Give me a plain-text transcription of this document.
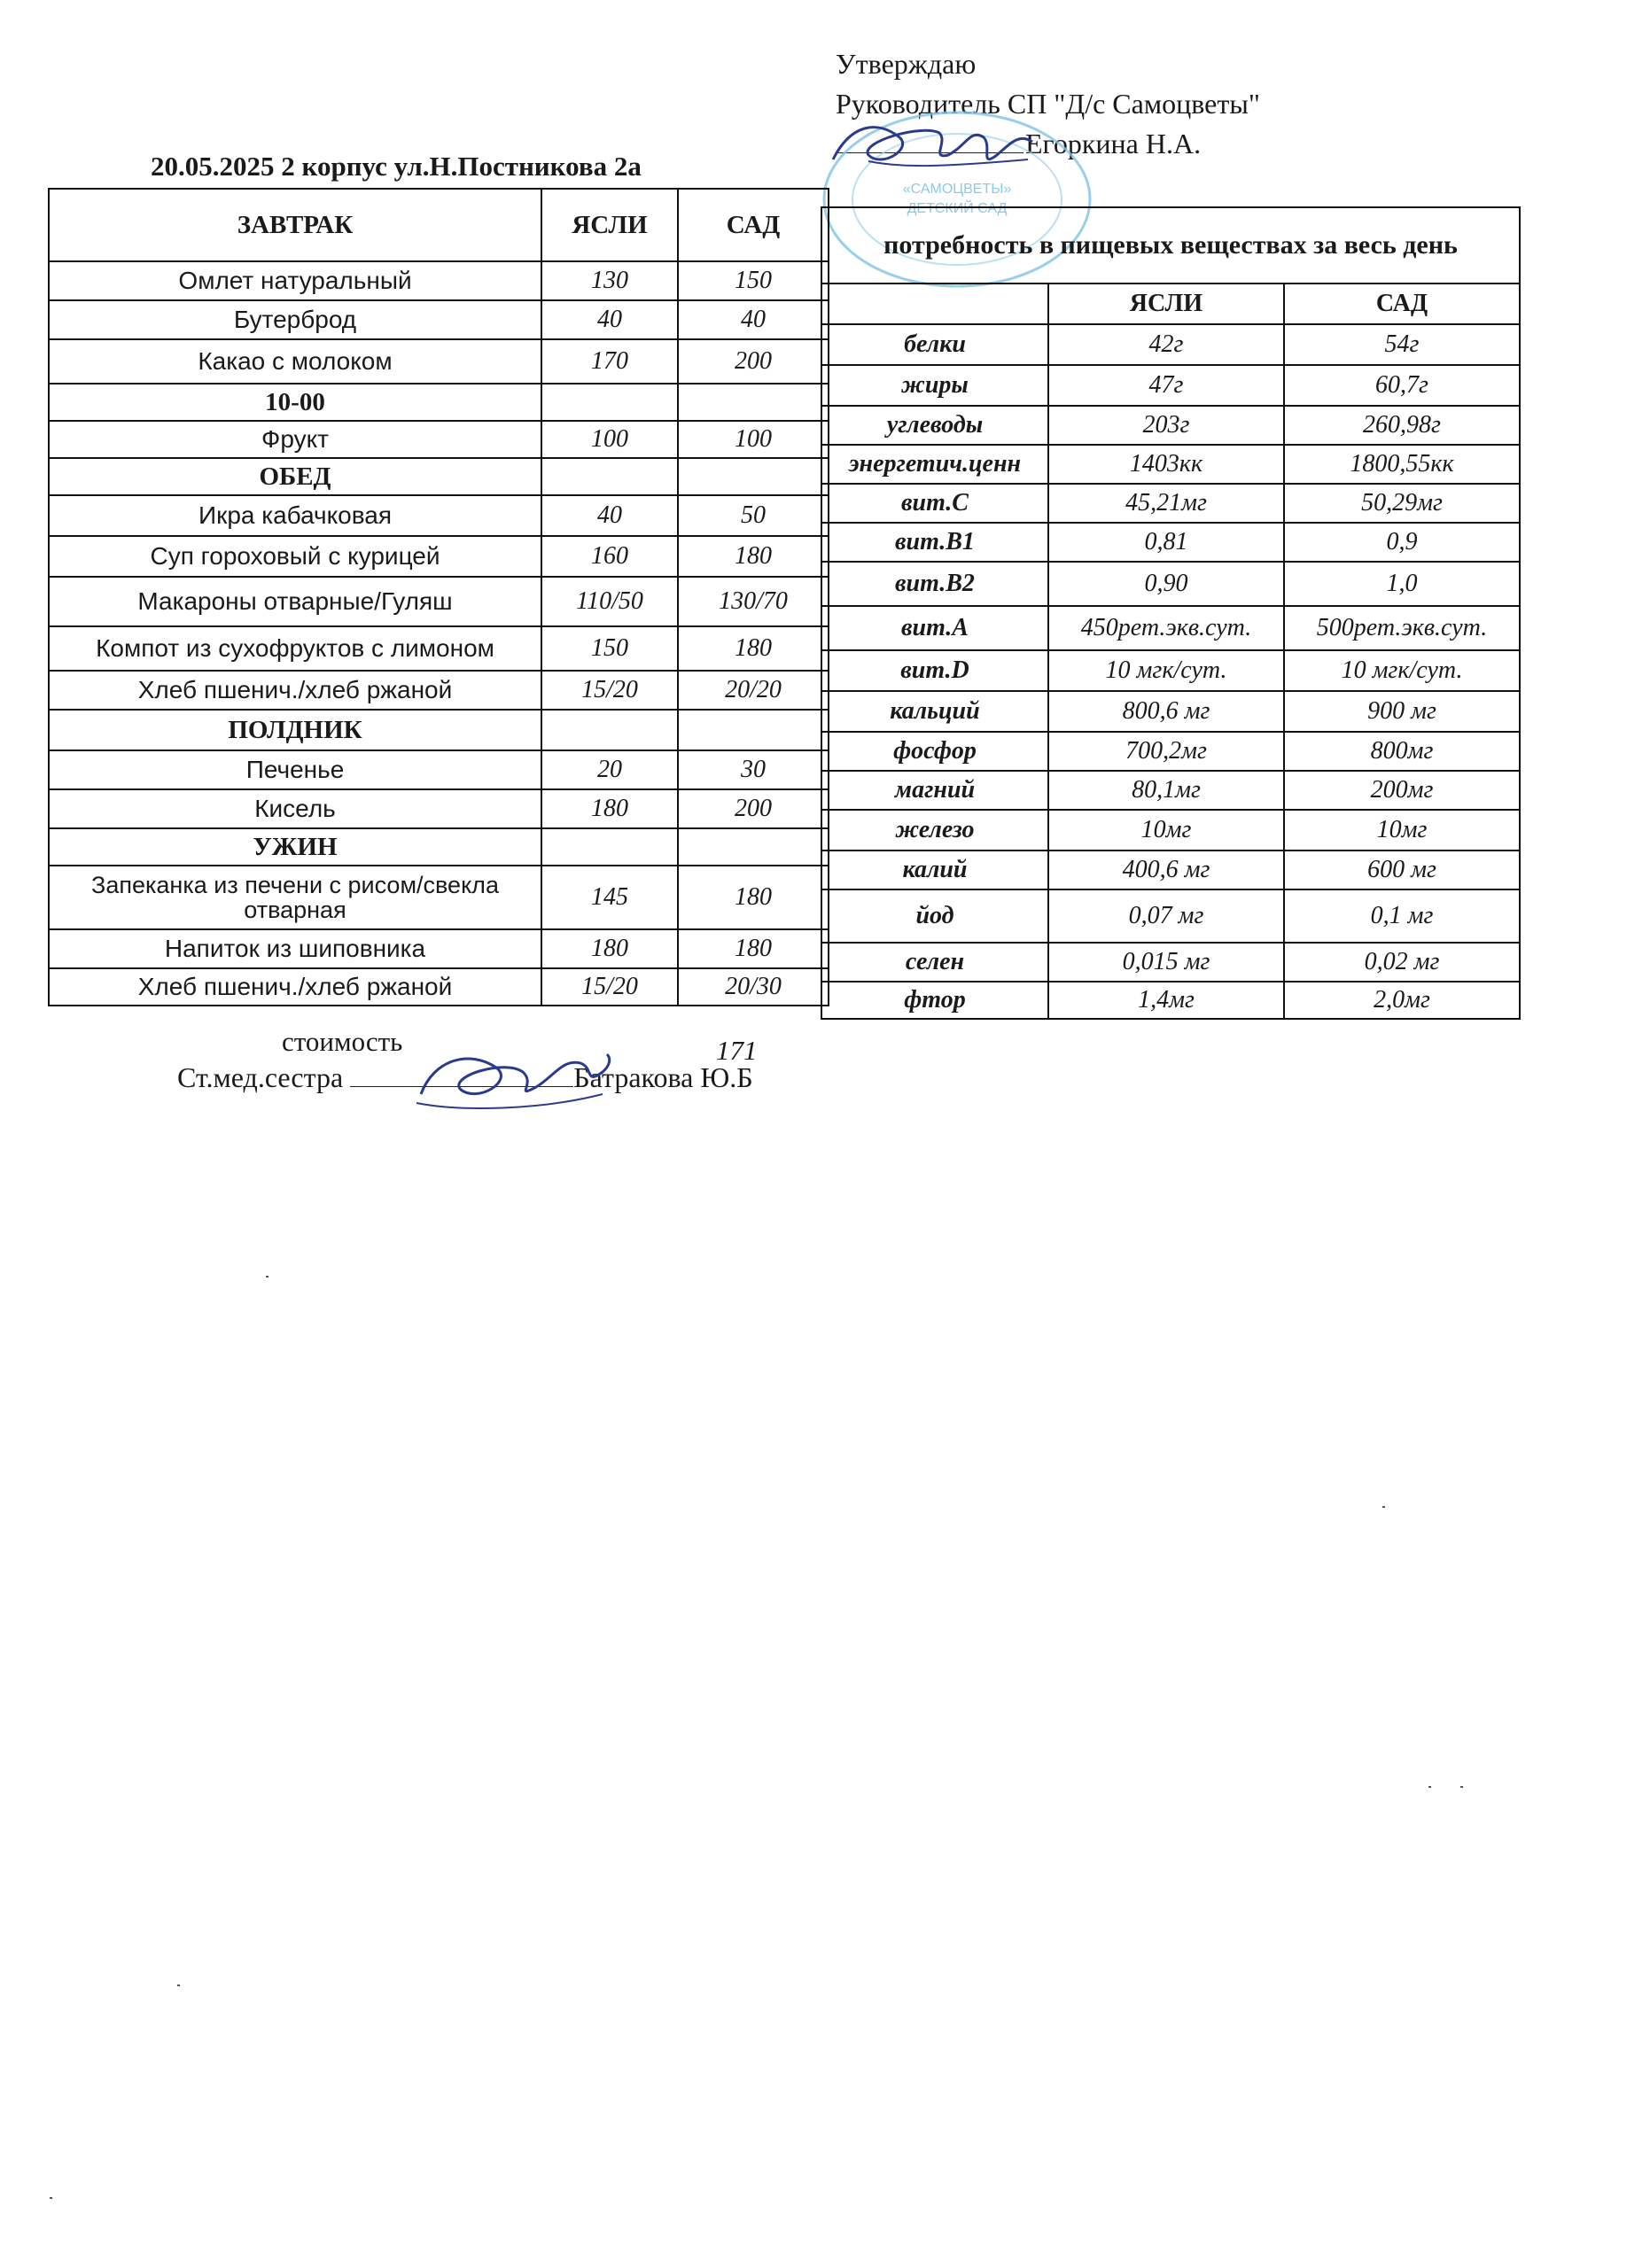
Утверждаю
Руководитель СП "Д/с Самоцветы"
Егоркина Н.А.
«САМОЦВЕТЫ»
ДЕТСКИЙ САД
20.05.2025 2 корпус ул.Н.Постникова 2а
ЗАВТРАК	ЯСЛИ	САД
Омлет натуральный	130	150
Бутерброд	40	40
Какао с молоком	170	200
10-00		
Фрукт	100	100
ОБЕД		
Икра кабачковая	40	50
Суп гороховый с курицей	160	180
Макароны отварные/Гуляш	110/50	130/70
Компот из сухофруктов с лимоном	150	180
Хлеб пшенич./хлеб ржаной	15/20	20/20
ПОЛДНИК		
Печенье	20	30
Кисель	180	200
УЖИН		
Запеканка из печени с рисом/свекла отварная	145	180
Напиток из шиповника	180	180
Хлеб пшенич./хлеб ржаной	15/20	20/30
потребность в пищевых веществах за весь день		
	ЯСЛИ	САД
белки	42г	54г
жиры	47г	60,7г
углеводы	203г	260,98г
энергетич.ценн	1403кк	1800,55кк
вит.С	45,21мг	50,29мг
вит.В1	0,81	0,9
вит.В2	0,90	1,0
вит.А	450рет.экв.сут.	500рет.экв.сут.
вит.D	10 мгк/сут.	10 мгк/сут.
кальций	800,6 мг	900 мг
фосфор	700,2мг	800мг
магний	80,1мг	200мг
железо	10мг	10мг
калий	400,6 мг	600 мг
йод	0,07 мг	0,1 мг
селен	0,015 мг	0,02 мг
фтор	1,4мг	2,0мг
стоимость	171
Ст.мед.сестра	Батракова Ю.Б
